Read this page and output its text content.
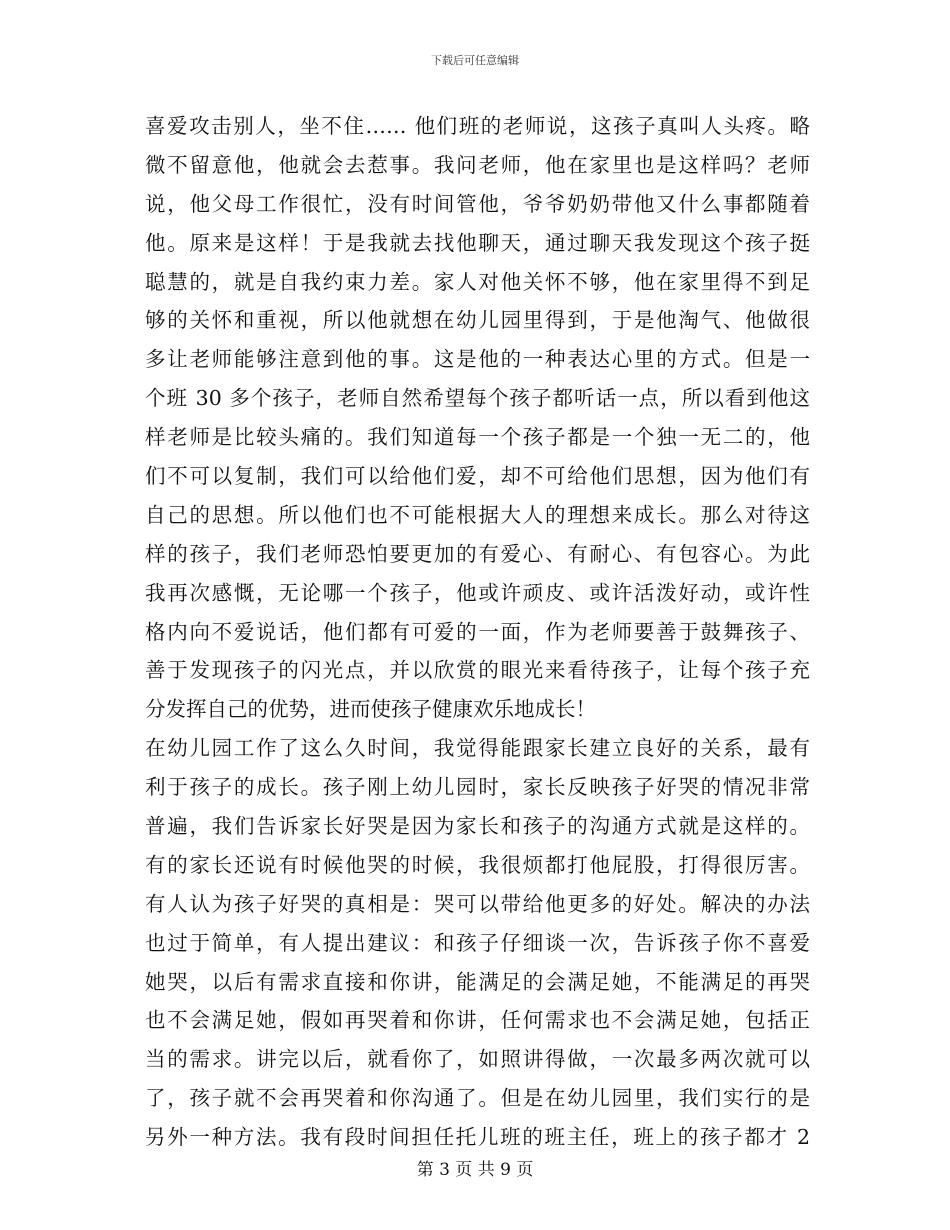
下载后可任意编辑
喜爱攻击别人，坐不住…… 他们班的老师说，这孩子真叫人头疼。略
微不留意他，他就会去惹事。我问老师，他在家里也是这样吗？老师
说，他父母工作很忙，没有时间管他，爷爷奶奶带他又什么事都随着
他。原来是这样！于是我就去找他聊天，通过聊天我发现这个孩子挺
聪慧的，就是自我约束力差。家人对他关怀不够，他在家里得不到足
够的关怀和重视，所以他就想在幼儿园里得到，于是他淘气、他做很
多让老师能够注意到他的事。这是他的一种表达心里的方式。但是一
个班 30 多个孩子，老师自然希望每个孩子都听话一点，所以看到他这
样老师是比较头痛的。我们知道每一个孩子都是一个独一无二的，他
们不可以复制，我们可以给他们爱，却不可给他们思想，因为他们有
自己的思想。所以他们也不可能根据大人的理想来成长。那么对待这
样的孩子，我们老师恐怕要更加的有爱心、有耐心、有包容心。为此
我再次感慨，无论哪一个孩子，他或许顽皮、或许活泼好动，或许性
格内向不爱说话，他们都有可爱的一面，作为老师要善于鼓舞孩子、
善于发现孩子的闪光点，并以欣赏的眼光来看待孩子，让每个孩子充
分发挥自己的优势，进而使孩子健康欢乐地成长！
在幼儿园工作了这么久时间，我觉得能跟家长建立良好的关系，最有
利于孩子的成长。孩子刚上幼儿园时，家长反映孩子好哭的情况非常
普遍，我们告诉家长好哭是因为家长和孩子的沟通方式就是这样的。
有的家长还说有时候他哭的时候，我很烦都打他屁股，打得很厉害。
有人认为孩子好哭的真相是：哭可以带给他更多的好处。解决的办法
也过于简单，有人提出建议：和孩子仔细谈一次，告诉孩子你不喜爱
她哭，以后有需求直接和你讲，能满足的会满足她，不能满足的再哭
也不会满足她，假如再哭着和你讲，任何需求也不会满足她，包括正
当的需求。讲完以后，就看你了，如照讲得做，一次最多两次就可以
了，孩子就不会再哭着和你沟通了。但是在幼儿园里，我们实行的是
另外一种方法。我有段时间担任托儿班的班主任，班上的孩子都才 2
第 3 页 共 9 页
